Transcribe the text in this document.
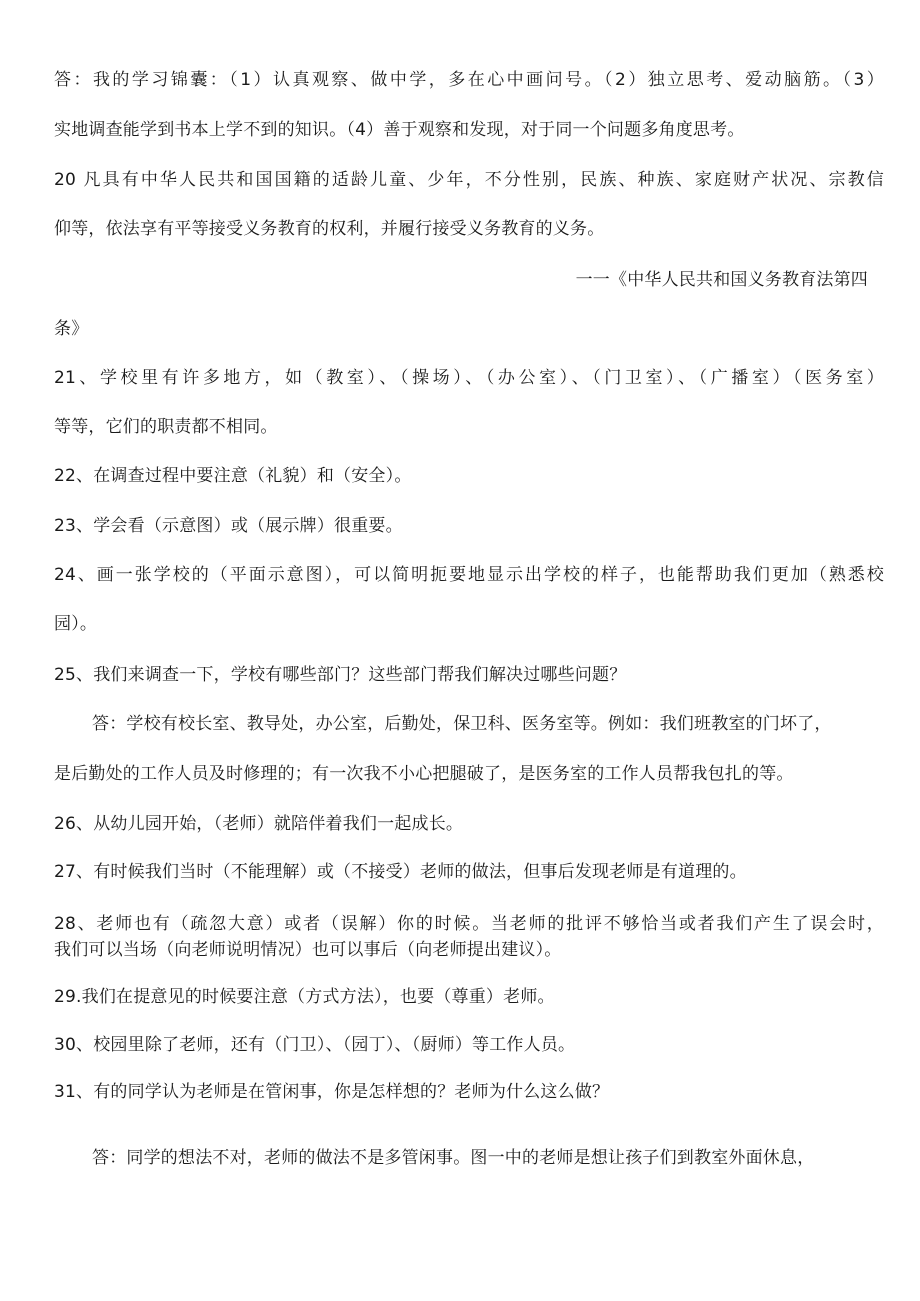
答：我的学习锦囊：（1）认真观察、做中学，多在心中画问号。（2）独立思考、爱动脑筋。（3）
实地调查能学到书本上学不到的知识。（4）善于观察和发现，对于同一个问题多角度思考。
20 凡具有中华人民共和国国籍的适龄儿童、少年，不分性别，民族、种族、家庭财产状况、宗教信
仰等，依法享有平等接受义务教育的权利，并履行接受义务教育的义务。
一一《中华人民共和国义务教育法第四
条》
21、学校里有许多地方，如（教室）、（操场）、（办公室）、（门卫室）、（广播室）（医务室）
等等，它们的职责都不相同。
22、在调查过程中要注意（礼貌）和（安全）。
23、学会看（示意图）或（展示牌）很重要。
24、画一张学校的（平面示意图），可以简明扼要地显示出学校的样子，也能帮助我们更加（熟悉校
园）。
25、我们来调查一下，学校有哪些部门？这些部门帮我们解决过哪些问题？
答：学校有校长室、教导处，办公室，后勤处，保卫科、医务室等。例如：我们班教室的门坏了，
是后勤处的工作人员及时修理的；有一次我不小心把腿破了，是医务室的工作人员帮我包扎的等。
26、从幼儿园开始，（老师）就陪伴着我们一起成长。
27、有时候我们当时（不能理解）或（不接受）老师的做法，但事后发现老师是有道理的。
28、老师也有（疏忽大意）或者（误解）你的时候。当老师的批评不够恰当或者我们产生了误会时，
我们可以当场（向老师说明情况）也可以事后（向老师提出建议）。
29.我们在提意见的时候要注意（方式方法），也要（尊重）老师。
30、校园里除了老师，还有（门卫）、（园丁）、（厨师）等工作人员。
31、有的同学认为老师是在管闲事，你是怎样想的？老师为什么这么做？
答：同学的想法不对，老师的做法不是多管闲事。图一中的老师是想让孩子们到教室外面休息，
